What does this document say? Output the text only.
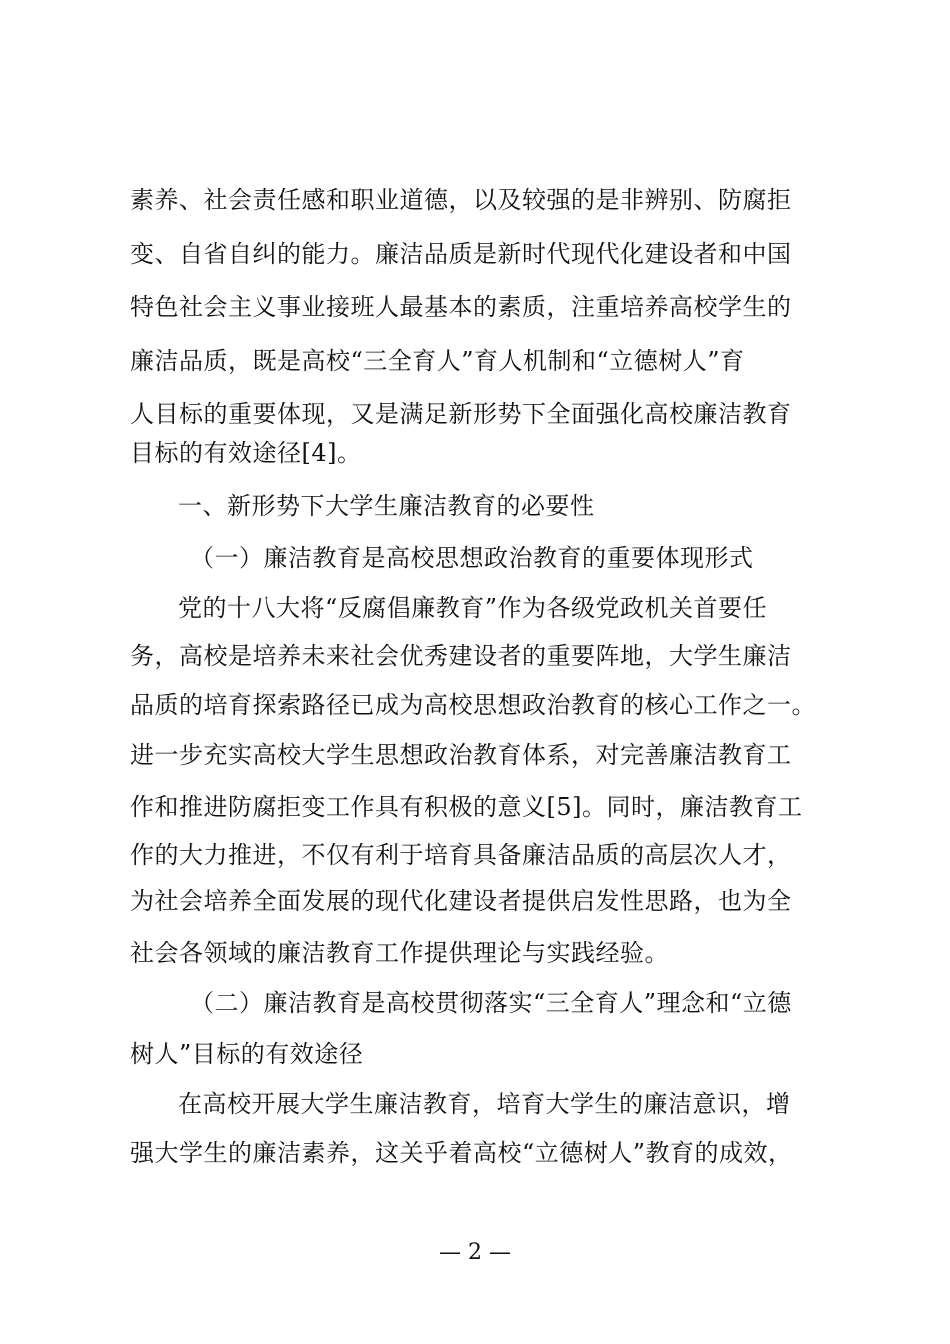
素养、社会责任感和职业道德，以及较强的是非辨别、防腐拒
变、自省自纠的能力。廉洁品质是新时代现代化建设者和中国
特色社会主义事业接班人最基本的素质，注重培养高校学生的
廉洁品质，既是高校“三全育人”育人机制和“立德树人”育
人目标的重要体现，又是满足新形势下全面强化高校廉洁教育
目标的有效途径[4]。
一、新形势下大学生廉洁教育的必要性
（一）廉洁教育是高校思想政治教育的重要体现形式
党的十八大将“反腐倡廉教育”作为各级党政机关首要任
务，高校是培养未来社会优秀建设者的重要阵地，大学生廉洁
品质的培育探索路径已成为高校思想政治教育的核心工作之一。
进一步充实高校大学生思想政治教育体系，对完善廉洁教育工
作和推进防腐拒变工作具有积极的意义[5]。同时，廉洁教育工
作的大力推进，不仅有利于培育具备廉洁品质的高层次人才，
为社会培养全面发展的现代化建设者提供启发性思路，也为全
社会各领域的廉洁教育工作提供理论与实践经验。
（二）廉洁教育是高校贯彻落实“三全育人”理念和“立德
树人”目标的有效途径
在高校开展大学生廉洁教育，培育大学生的廉洁意识，增
强大学生的廉洁素养，这关乎着高校“立德树人”教育的成效，
— 2 —
